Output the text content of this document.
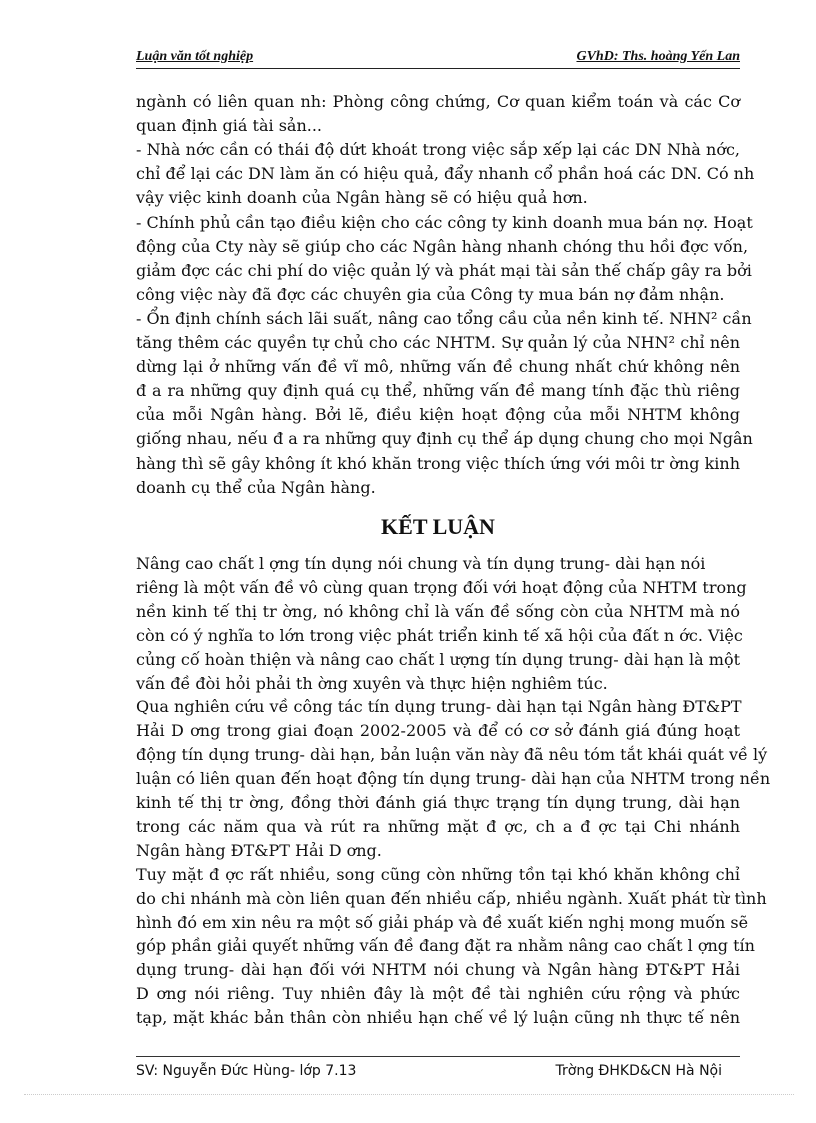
Luận văn tốt nghiệp	GVhD: Ths. hoàng Yến Lan
ngành có liên quan nh: Phòng công chứng, Cơ quan kiểm toán và các Cơ
quan định giá tài sản...
- Nhà nớc cần có thái độ dứt khoát trong việc sắp xếp lại các DN Nhà nớc,
chỉ để lại các DN làm ăn có hiệu quả, đẩy nhanh cổ phần hoá các DN. Có nh
vậy việc kinh doanh của Ngân hàng sẽ có hiệu quả hơn.
- Chính phủ cần tạo điều kiện cho các công ty kinh doanh mua bán nợ. Hoạt
động của Cty này sẽ giúp cho các Ngân hàng nhanh chóng thu hồi đợc vốn,
giảm đợc các chi phí do việc quản lý và phát mại tài sản thế chấp gây ra bởi
công việc này đã đợc các chuyên gia của Công ty mua bán nợ đảm nhận.
- Ổn định chính sách lãi suất, nâng cao tổng cầu của nền kinh tế. NHN² cần
tăng thêm các quyền tự chủ cho các NHTM. Sự quản lý của NHN² chỉ nên
dừng lại ở những vấn đề vĩ mô, những vấn đề chung nhất chứ không nên
đ a ra những quy định quá cụ thể, những vấn đề mang tính đặc thù riêng
của mỗi Ngân hàng. Bởi lẽ, điều kiện hoạt động của mỗi NHTM không
giống nhau, nếu đ a ra những quy định cụ thể áp dụng chung cho mọi Ngân
hàng thì sẽ gây không ít khó khăn trong việc thích ứng với môi tr ờng kinh
doanh cụ thể của Ngân hàng.
KẾT LUẬN
Nâng cao chất l ợng tín dụng nói chung và tín dụng trung- dài hạn nói
riêng là một vấn đề vô cùng quan trọng đối với hoạt động của NHTM trong
nền kinh tế thị tr ờng, nó không chỉ là vấn đề sống còn của NHTM mà nó
còn có ý nghĩa to lớn trong việc phát triển kinh tế xã hội của đất n ớc. Việc
củng cố hoàn thiện và nâng cao chất l ượng tín dụng trung- dài hạn là một
vấn đề đòi hỏi phải th ờng xuyên và thực hiện nghiêm túc.
Qua nghiên cứu về công tác tín dụng trung- dài hạn tại Ngân hàng ĐT&PT
Hải D ơng trong giai đoạn 2002-2005 và để có cơ sở đánh giá đúng hoạt
động tín dụng trung- dài hạn, bản luận văn này đã nêu tóm tắt khái quát về lý
luận có liên quan đến hoạt động tín dụng trung- dài hạn của NHTM trong nền
kinh tế thị tr ờng, đồng thời đánh giá thực trạng tín dụng trung, dài hạn
trong các năm qua và rút ra những mặt đ ợc, ch a đ ợc tại Chi nhánh
Ngân hàng ĐT&PT Hải D ơng.
Tuy mặt đ ợc rất nhiều, song cũng còn những tồn tại khó khăn không chỉ
do chi nhánh mà còn liên quan đến nhiều cấp, nhiều ngành. Xuất phát từ tình
hình đó em xin nêu ra một số giải pháp và đề xuất kiến nghị mong muốn sẽ
góp phần giải quyết những vấn đề đang đặt ra nhằm nâng cao chất l ợng tín
dụng trung- dài hạn đối với NHTM nói chung và Ngân hàng ĐT&PT Hải
D ơng nói riêng. Tuy nhiên đây là một đề tài nghiên cứu rộng và phức
tạp, mặt khác bản thân còn nhiều hạn chế về lý luận cũng nh thực tế nên
SV: Nguyễn Đức Hùng- lớp 7.13	Trờng ĐHKD&CN Hà Nội
